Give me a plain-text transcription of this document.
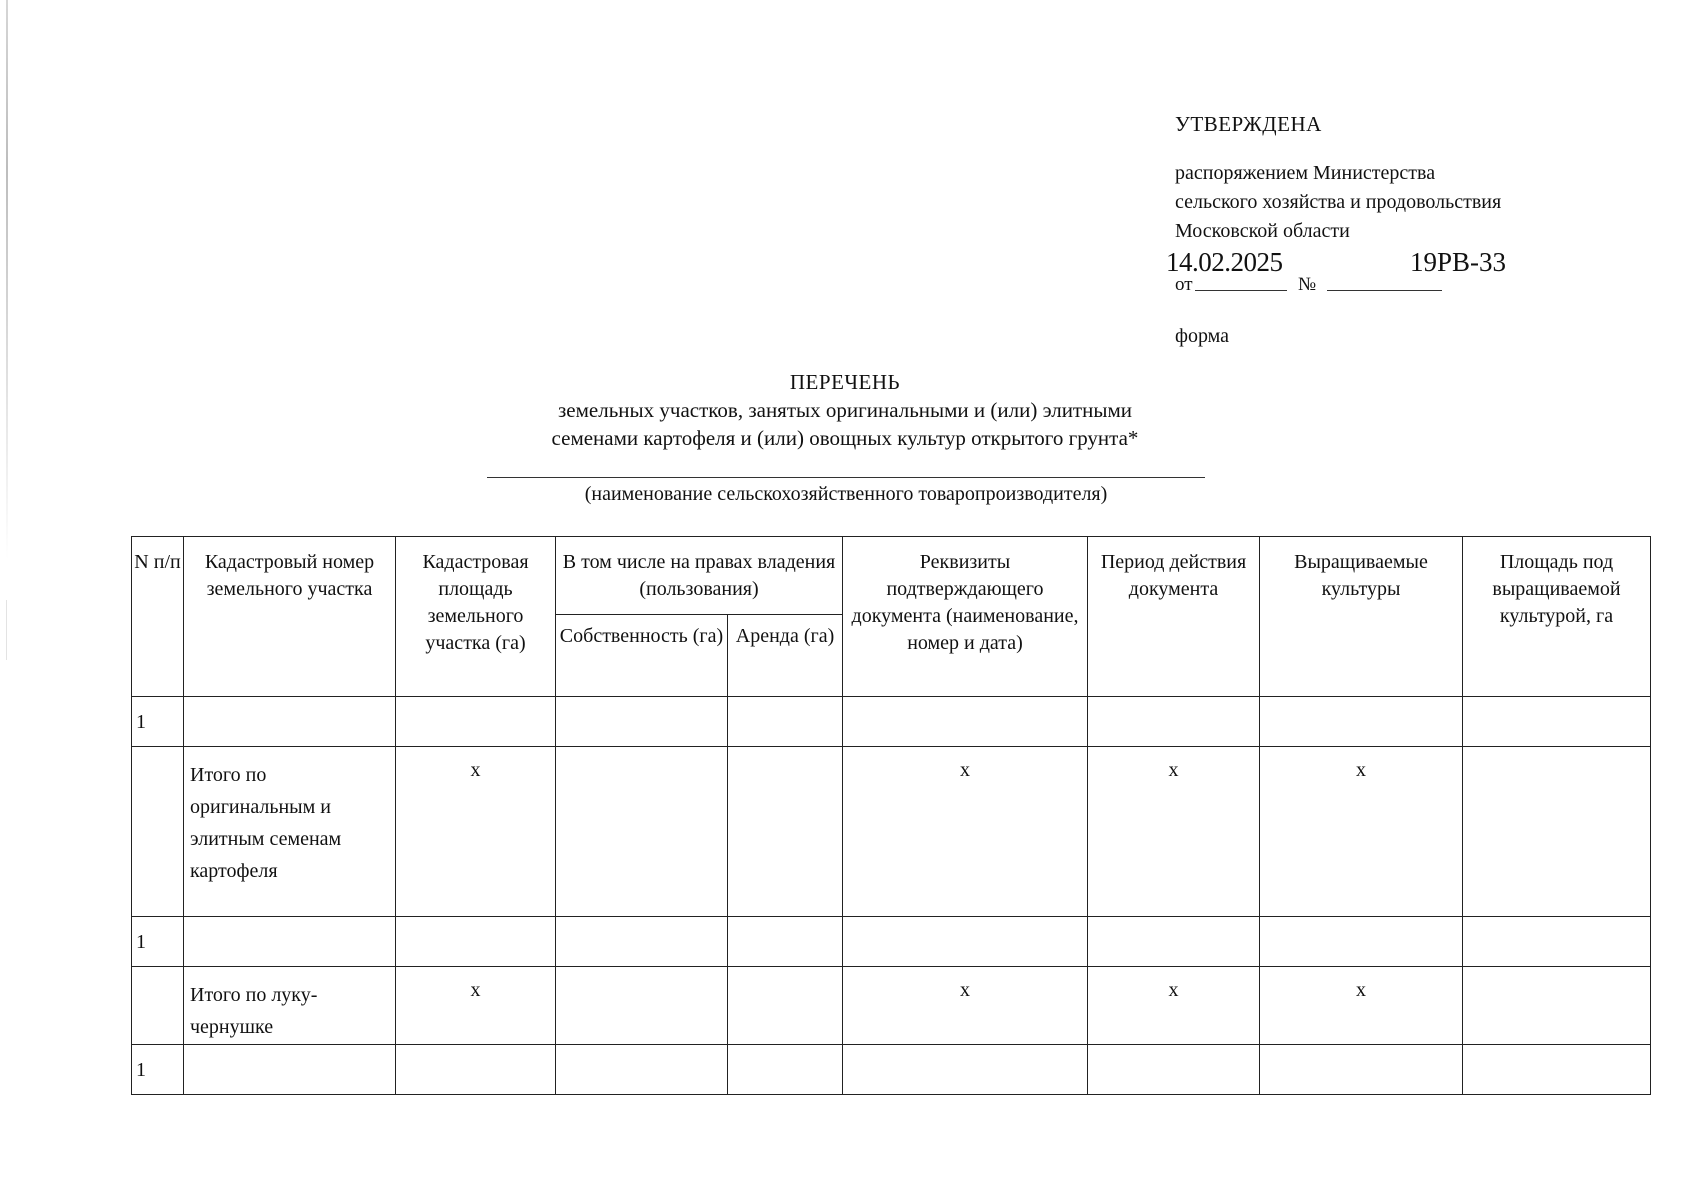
УТВЕРЖДЕНА
распоряжением Министерства
сельского хозяйства и продовольствия
Московской области
от
14.02.2025
№
19РВ-33
форма
ПЕРЕЧЕНЬ
земельных участков, занятых оригинальными и (или) элитными
семенами картофеля и (или) овощных культур открытого грунта*
(наименование сельскохозяйственного товаропроизводителя)
N п/п	Кадастровый номер земельного участка	Кадастровая площадь земельного участка (га)	В том числе на правах владения (пользования)		Реквизиты подтверждающего документа (наименование, номер и дата)	Период действия документа	Выращиваемые культуры	Площадь под выращиваемой культурой, га
			Собственность (га)	Аренда (га)				
1								
	Итого по оригинальным и элитным семенам картофеля	x			x	x	x	
1								
	Итого по луку-чернушке	x			x	x	x	
1								
